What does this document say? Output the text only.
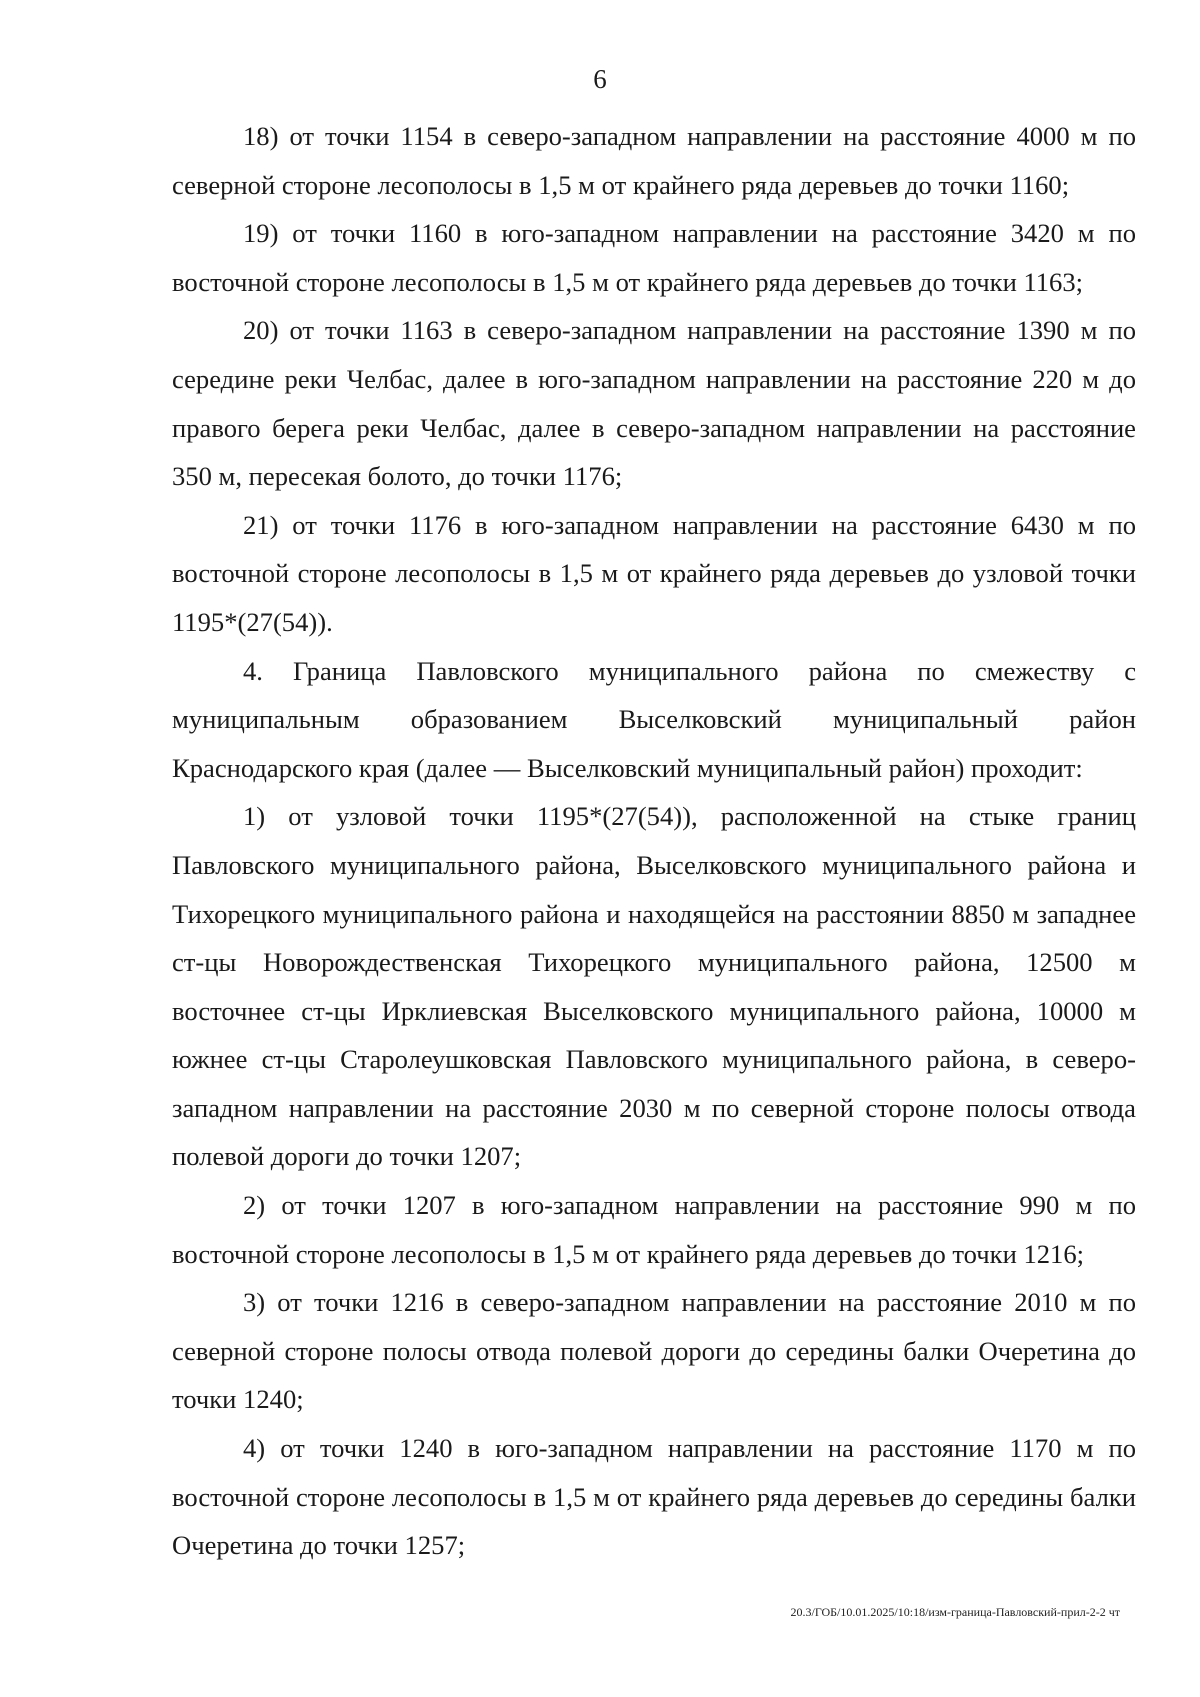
6

18) от точки 1154 в северо-западном направлении на расстояние 4000 м по северной стороне лесополосы в 1,5 м от крайнего ряда деревьев до точки 1160;

19) от точки 1160 в юго-западном направлении на расстояние 3420 м по восточной стороне лесополосы в 1,5 м от крайнего ряда деревьев до точки 1163;

20) от точки 1163 в северо-западном направлении на расстояние 1390 м по середине реки Челбас, далее в юго-западном направлении на расстояние 220 м до правого берега реки Челбас, далее в северо-западном направлении на расстояние 350 м, пересекая болото, до точки 1176;

21) от точки 1176 в юго-западном направлении на расстояние 6430 м по восточной стороне лесополосы в 1,5 м от крайнего ряда деревьев до узловой точки 1195*(27(54)).

4. Граница Павловского муниципального района по смежеству с муниципальным образованием Выселковский муниципальный район Краснодарского края (далее — Выселковский муниципальный район) проходит:

1) от узловой точки 1195*(27(54)), расположенной на стыке границ Павловского муниципального района, Выселковского муниципального района и Тихорецкого муниципального района и находящейся на расстоянии 8850 м западнее ст-цы Новорождественская Тихорецкого муниципального района, 12500 м восточнее ст-цы Ирклиевская Выселковского муниципального района, 10000 м южнее ст-цы Старолеушковская Павловского муниципального района, в северо-западном направлении на расстояние 2030 м по северной стороне полосы отвода полевой дороги до точки 1207;

2) от точки 1207 в юго-западном направлении на расстояние 990 м по восточной стороне лесополосы в 1,5 м от крайнего ряда деревьев до точки 1216;

3) от точки 1216 в северо-западном направлении на расстояние 2010 м по северной стороне полосы отвода полевой дороги до середины балки Очеретина до точки 1240;

4) от точки 1240 в юго-западном направлении на расстояние 1170 м по восточной стороне лесополосы в 1,5 м от крайнего ряда деревьев до середины балки Очеретина до точки 1257;

20.3/ГОБ/10.01.2025/10:18/изм-граница-Павловский-прил-2-2 чт
